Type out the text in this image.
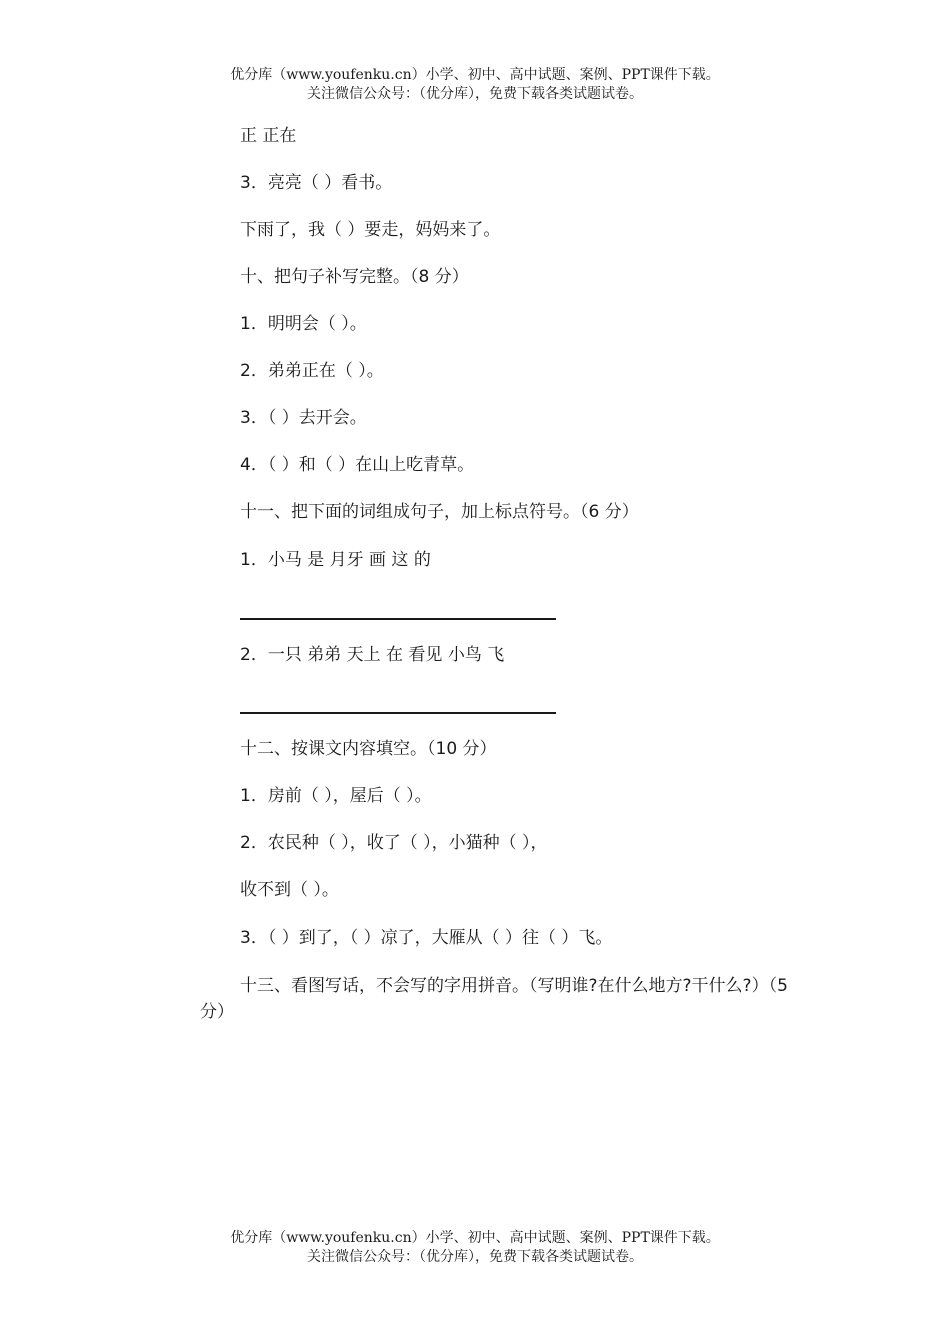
优分库（www.youfenku.cn）小学、初中、高中试题、案例、PPT课件下载。
关注微信公众号：（优分库），免费下载各类试题试卷。
正 正在
3．亮亮（ ）看书。
下雨了，我（ ）要走，妈妈来了。
十、把句子补写完整。（8 分）
1．明明会（ ）。
2．弟弟正在（ ）。
3．（ ）去开会。
4．（ ）和（ ）在山上吃青草。
十一、把下面的词组成句子，加上标点符号。（6 分）
1．小马 是 月牙 画 这 的
2．一只 弟弟 天上 在 看见 小鸟 飞
十二、按课文内容填空。（10 分）
1．房前（ ），屋后（ ）。
2．农民种（ ），收了（ ），小猫种（ ），
收不到（ ）。
3．（ ）到了，（ ）凉了，大雁从（ ）往（ ）飞。
十三、看图写话，不会写的字用拼音。（写明谁?在什么地方?干什么?）（5 分）
优分库（www.youfenku.cn）小学、初中、高中试题、案例、PPT课件下载。
关注微信公众号：（优分库），免费下载各类试题试卷。
